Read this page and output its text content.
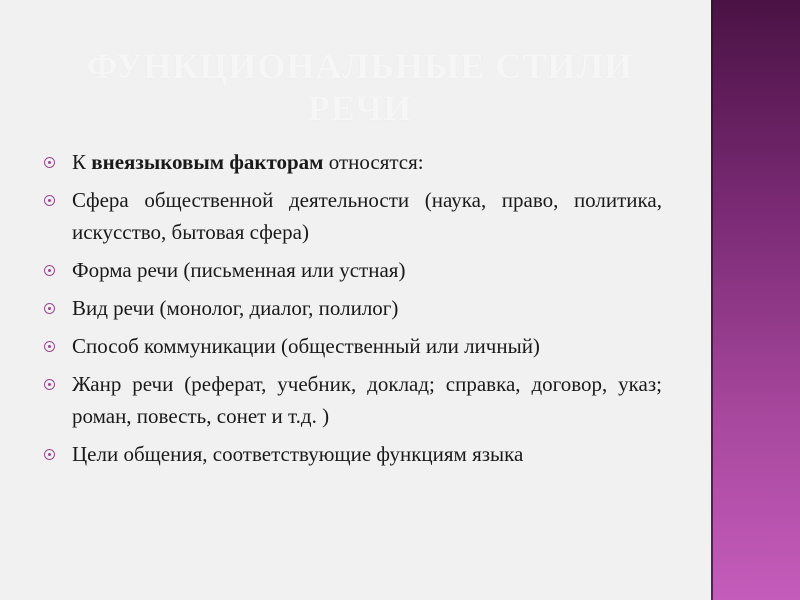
ФУНКЦИОНАЛЬНЫЕ СТИЛИ РЕЧИ
К внеязыковым факторам относятся:
Сфера общественной деятельности (наука, право, политика, искусство, бытовая сфера)
Форма речи (письменная или устная)
Вид речи (монолог, диалог, полилог)
Способ коммуникации (общественный или личный)
Жанр речи (реферат, учебник, доклад; справка, договор, указ; роман, повесть, сонет и т.д. )
Цели общения, соответствующие функциям языка
